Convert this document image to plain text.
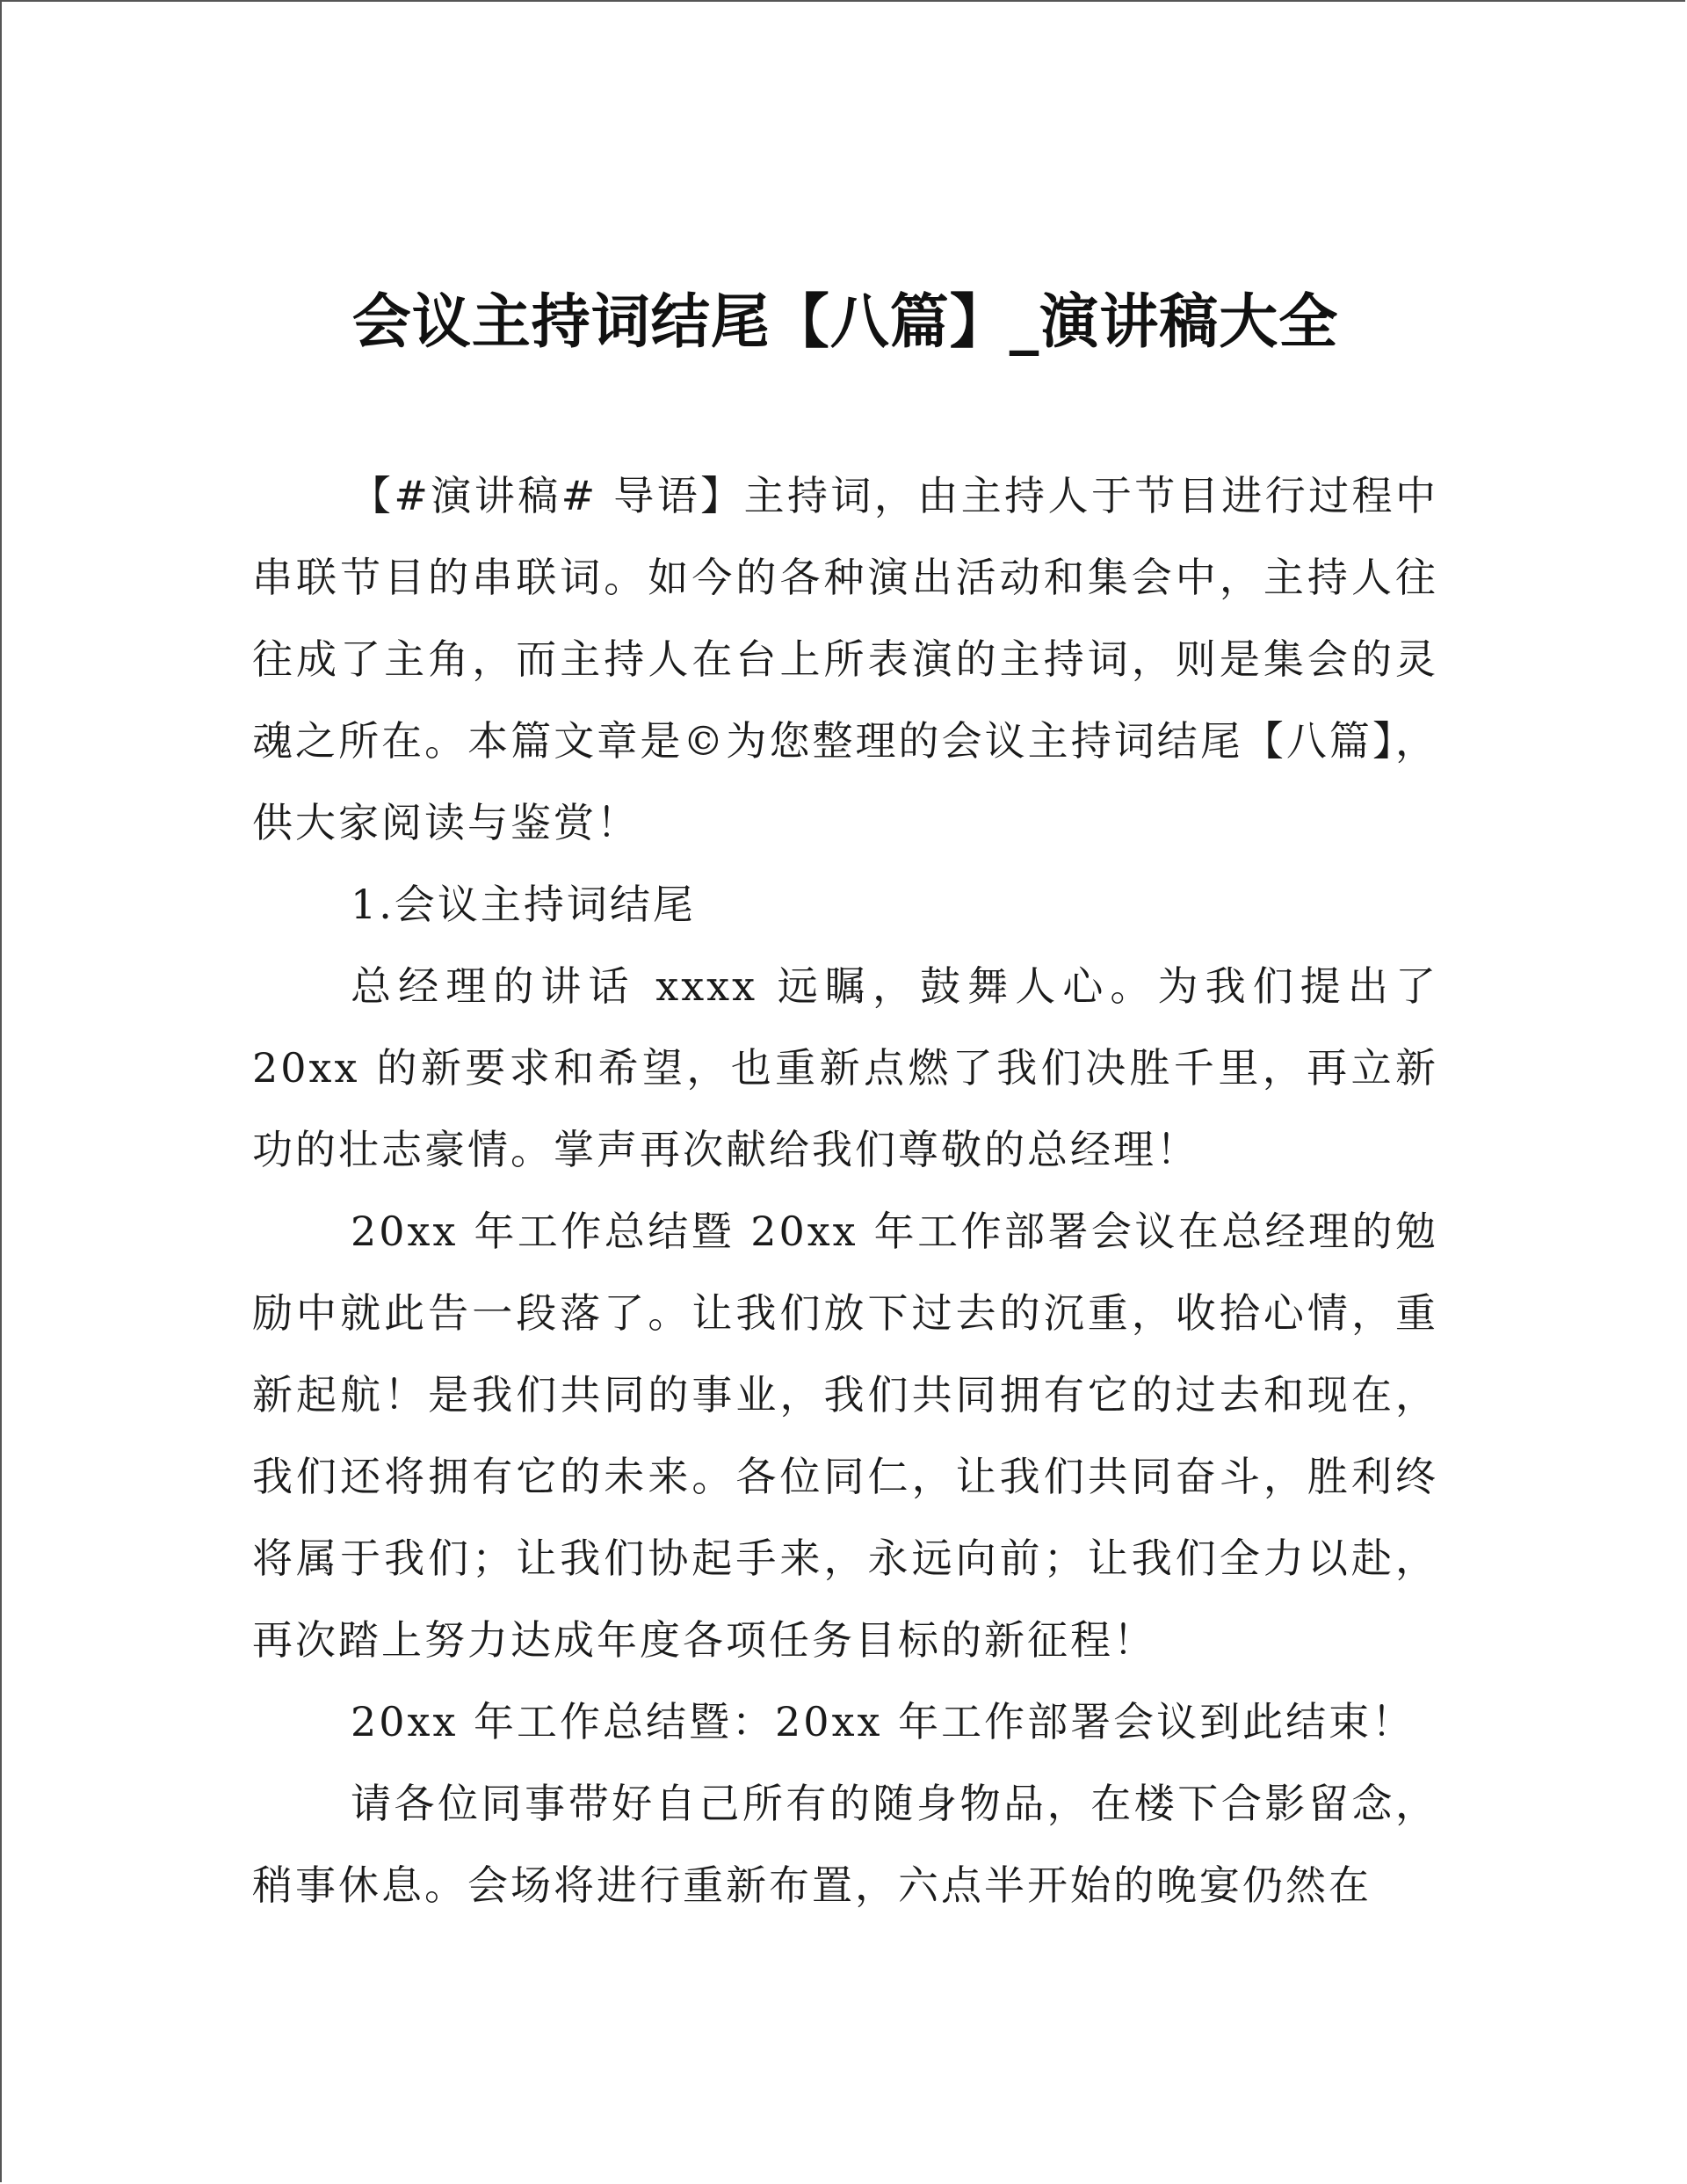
会议主持词结尾【八篇】_演讲稿大全

【#演讲稿# 导语】主持词，由主持人于节目进行过程中串联节目的串联词。如今的各种演出活动和集会中，主持人往往成了主角，而主持人在台上所表演的主持词，则是集会的灵魂之所在。本篇文章是©为您整理的会议主持词结尾【八篇】，供大家阅读与鉴赏！

1.会议主持词结尾

总经理的讲话 xxxx 远瞩，鼓舞人心。为我们提出了 20xx 的新要求和希望，也重新点燃了我们决胜千里，再立新功的壮志豪情。掌声再次献给我们尊敬的总经理！

20xx 年工作总结暨 20xx 年工作部署会议在总经理的勉励中就此告一段落了。让我们放下过去的沉重，收拾心情，重新起航！是我们共同的事业，我们共同拥有它的过去和现在，我们还将拥有它的未来。各位同仁，让我们共同奋斗，胜利终将属于我们；让我们协起手来，永远向前；让我们全力以赴，再次踏上努力达成年度各项任务目标的新征程！

20xx 年工作总结暨：20xx 年工作部署会议到此结束！

请各位同事带好自己所有的随身物品，在楼下合影留念，稍事休息。会场将进行重新布置，六点半开始的晚宴仍然在
